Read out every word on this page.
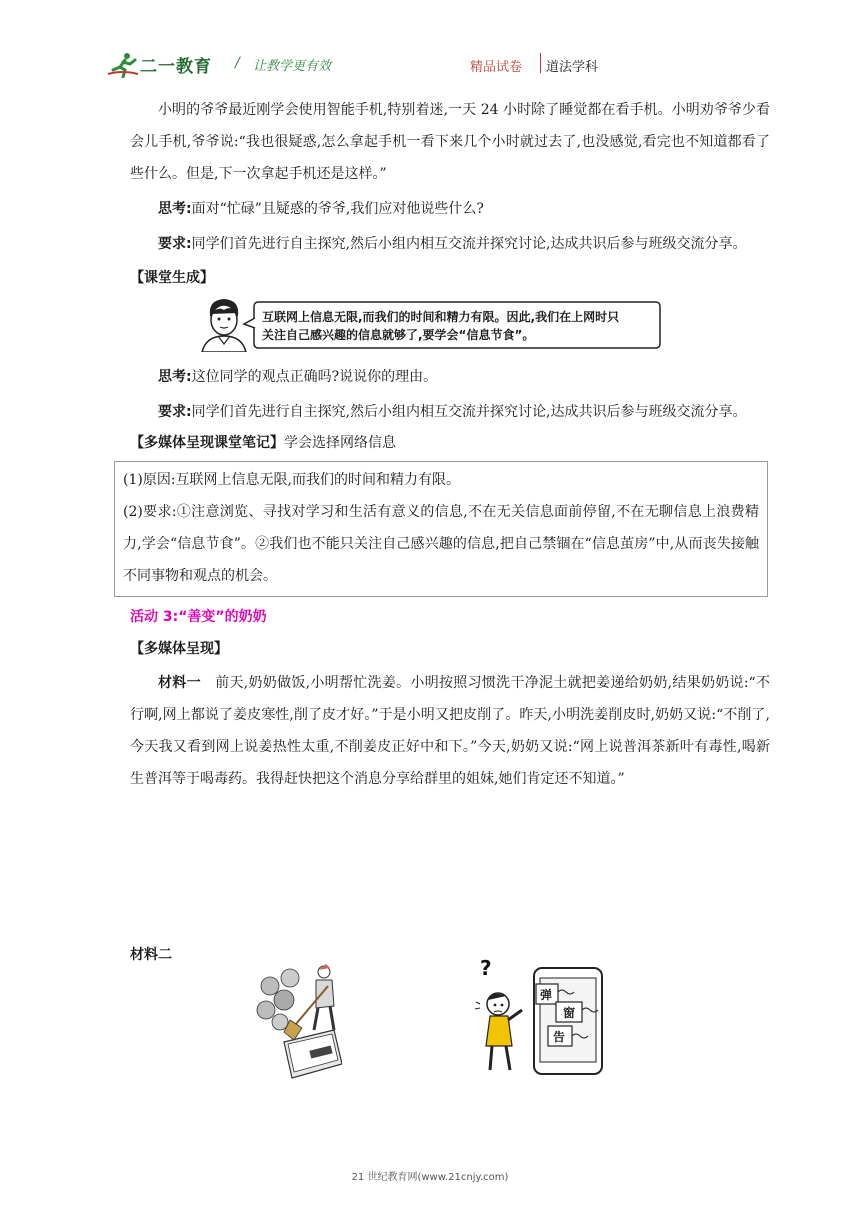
二一教育 / 让教学更有效	精品试卷 道法学科
小明的爷爷最近刚学会使用智能手机,特别着迷,一天 24 小时除了睡觉都在看手机。小明劝爷爷少看会儿手机,爷爷说:“我也很疑惑,怎么拿起手机一看下来几个小时就过去了,也没感觉,看完也不知道都看了些什么。但是,下一次拿起手机还是这样。”
思考:面对“忙碌”且疑惑的爷爷,我们应对他说些什么?
要求:同学们首先进行自主探究,然后小组内相互交流并探究讨论,达成共识后参与班级交流分享。
【课堂生成】
互联网上信息无限,而我们的时间和精力有限。因此,我们在上网时只
关注自己感兴趣的信息就够了,要学会“信息节食”。
思考:这位同学的观点正确吗?说说你的理由。
要求:同学们首先进行自主探究,然后小组内相互交流并探究讨论,达成共识后参与班级交流分享。
【多媒体呈现课堂笔记】学会选择网络信息

(1)原因:互联网上信息无限,而我们的时间和精力有限。

(2)要求:①注意浏览、寻找对学习和生活有意义的信息,不在无关信息面前停留,不在无聊信息上浪费精力,学会“信息节食”。②我们也不能只关注自己感兴趣的信息,把自己禁锢在“信息茧房”中,从而丧失接触不同事物和观点的机会。

活动 3:“善变”的奶奶
【多媒体呈现】
材料一 前天,奶奶做饭,小明帮忙洗姜。小明按照习惯洗干净泥土就把姜递给奶奶,结果奶奶说:“不行啊,网上都说了姜皮寒性,削了皮才好。”于是小明又把皮削了。昨天,小明洗姜削皮时,奶奶又说:“不削了,今天我又看到网上说姜热性太重,不削姜皮正好中和下。”今天,奶奶又说:“网上说普洱茶新叶有毒性,喝新生普洱等于喝毒药。我得赶快把这个消息分享给群里的姐妹,她们肯定还不知道。”
材料二
?
弹
窗
告
21 世纪教育网(www.21cnjy.com)
